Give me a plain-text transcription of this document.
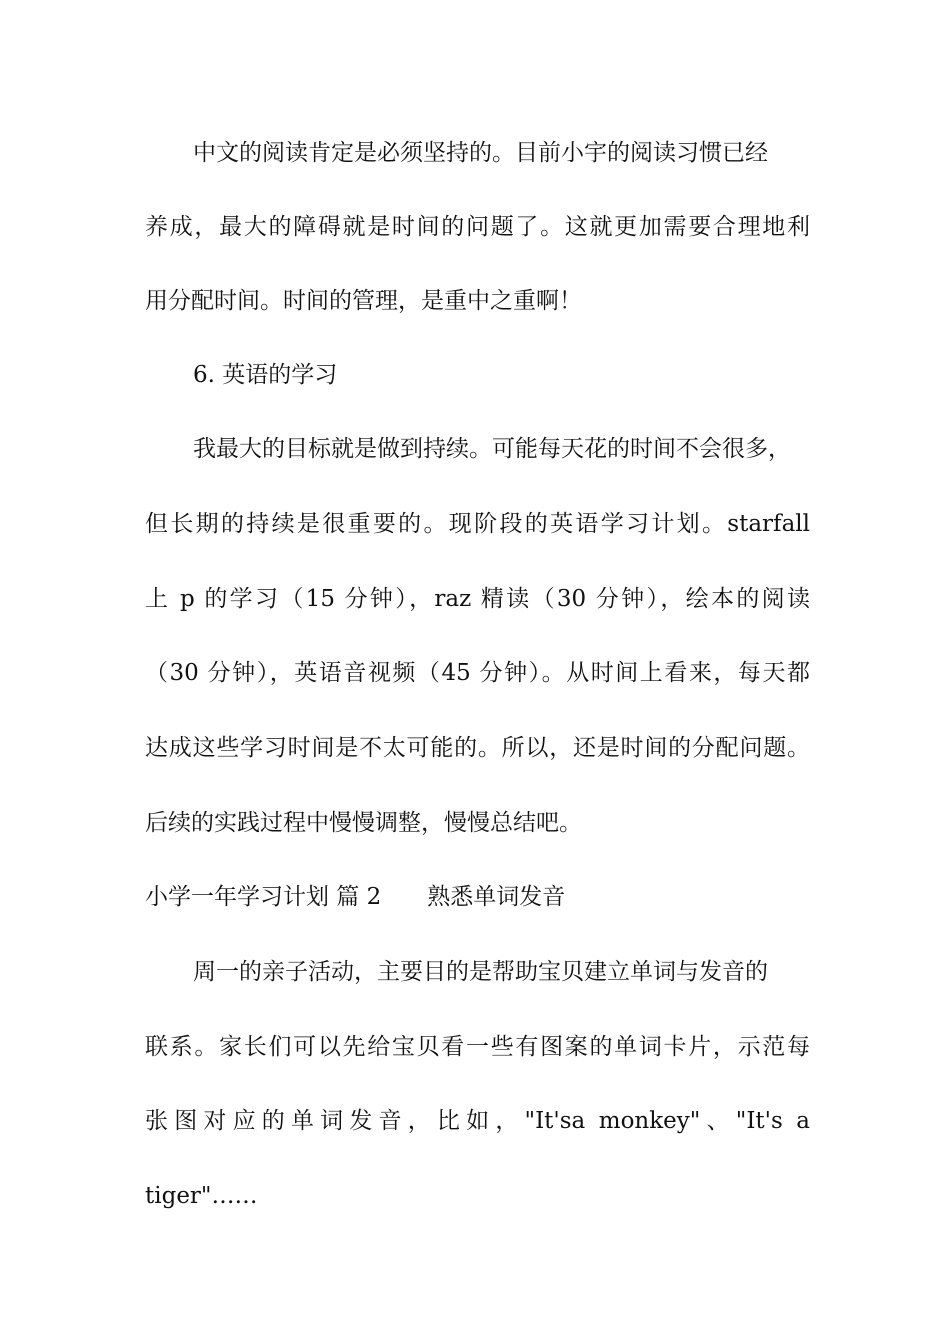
中文的阅读肯定是必须坚持的。目前小宇的阅读习惯已经
养成，最大的障碍就是时间的问题了。这就更加需要合理地利
用分配时间。时间的管理，是重中之重啊！
6. 英语的学习
我最大的目标就是做到持续。可能每天花的时间不会很多，
但长期的持续是很重要的。现阶段的英语学习计划。starfall
上 p 的学习（15 分钟），raz 精读（30 分钟），绘本的阅读
（30 分钟），英语音视频（45 分钟）。从时间上看来，每天都
达成这些学习时间是不太可能的。所以，还是时间的分配问题。
后续的实践过程中慢慢调整，慢慢总结吧。
小学一年学习计划 篇 2　　熟悉单词发音
周一的亲子活动，主要目的是帮助宝贝建立单词与发音的
联系。家长们可以先给宝贝看一些有图案的单词卡片，示范每
张图对应的单词发音，比如，"It'sa monkey"、"It's a
tiger"……
